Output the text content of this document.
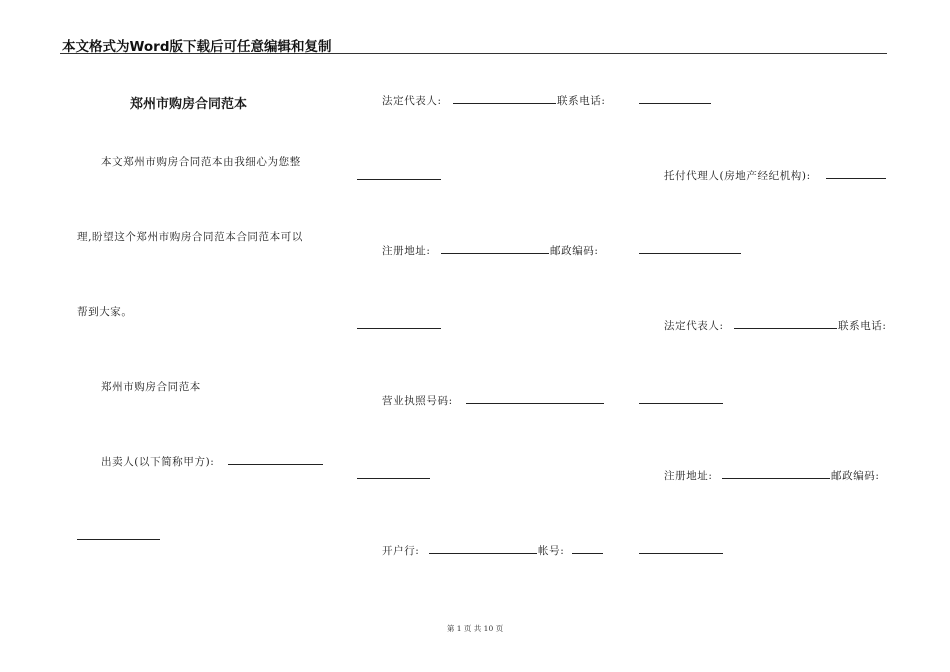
本文格式为Word版下载后可任意编辑和复制
郑州市购房合同范本
本文郑州市购房合同范本由我细心为您整
理,盼望这个郑州市购房合同范本合同范本可以
帮到大家。
郑州市购房合同范本
出卖人(以下简称甲方):
法定代表人:	联系电话:
注册地址:	邮政编码:
营业执照号码:
开户行:	帐号:
托付代理人(房地产经纪机构):
法定代表人:	联系电话:
注册地址:	邮政编码:
第 1 页 共 10 页
